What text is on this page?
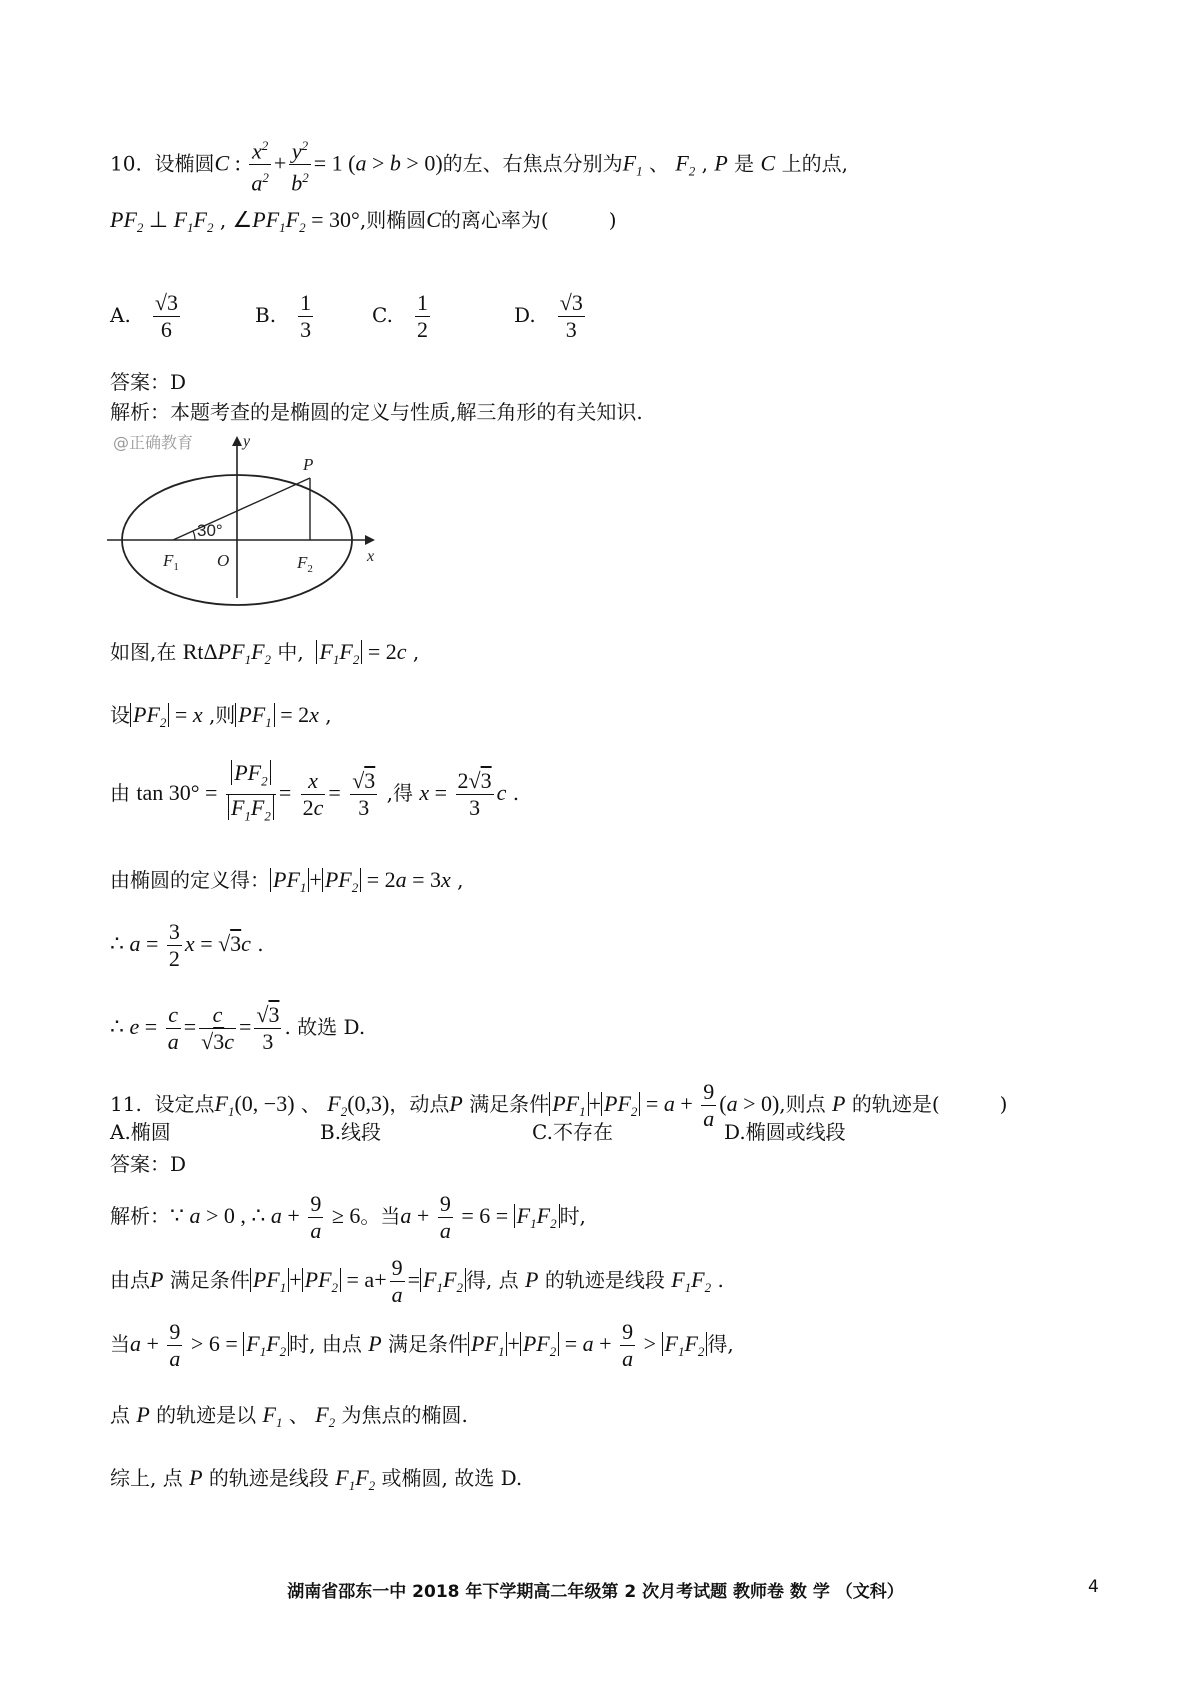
10. 设椭圆C : $\frac{x^2}{a^2} + \frac{y^2}{b^2} = 1$ (a > b > 0)的左、右焦点分别为$F_1$ 、 $F_2$ , P 是 C 上的点,
$PF_2$ ⊥ $F_1F_2$ , $\angle PF_1F_2 = 30^\circ$,则椭圆C的离心率为(　　　)
A. $\frac{√3}{6}$	B. $\frac{1}{3}$	C. $\frac{1}{2}$	D. $\frac{√3}{3}$
答案：D
解析：本题考查的是椭圆的定义与性质,解三角形的有关知识.
@正确教育
30°
y
x
P
O
$F_1$	$F_2$
如图,在 $Rt\Delta PF_1F_2$ 中, $F_1F_2 = 2c$ ,
设 $PF_2 = x$ ,则 $PF_1 = 2x$ ,
由 $\tan 30^\circ = \frac{PF_2}{F_1F_2} = \frac{x}{2c} = \frac{√3}{3}$ ,得 $x = \frac{2√3}{3}$ c .
由椭圆的定义得： $PF_1 + PF_2 = 2a = 3x$ ,
∴ $a = \frac{3}{2}$ x = √3c .
∴ $e = \frac{c}{a} = \frac{c}{√3c} = \frac{√3}{3}$ . 故选 D.
11. 设定点$F_1(0$, −3) 、 $F_2(0,3)$，动点P 满足条件 $PF_1 + PF_2 = a + \frac{9}{a} (a > 0)$,则点 P 的轨迹是(　　　)
A.椭圆	B.线段	C.不存在	D.椭圆或线段
答案：D
解析：∵ a > 0 , ∴ $a + \frac{9}{a} \ge 6$。当$a + \frac{9}{a} = 6 = F_1F_2$ 时,
由点P 满足条件 $PF_1 + PF_2 = a+ \frac{9}{a} = F_1F_2$ 得, 点 P 的轨迹是线段 $F_1F_2$ .
当$a + \frac{9}{a} > 6 = F_1F_2$ 时, 由点 P 满足条件 $PF_1 + PF_2 = a + \frac{9}{a} > F_1F_2$ 得,
点 P 的轨迹是以 $F_1$ 、 $F_2$ 为焦点的椭圆.
综上, 点 P 的轨迹是线段 $F_1F_2$ 或椭圆, 故选 D.
湖南省邵东一中 2018 年下学期高二年级第 2 次月考试题 教师卷 数 学 （文科）	4
